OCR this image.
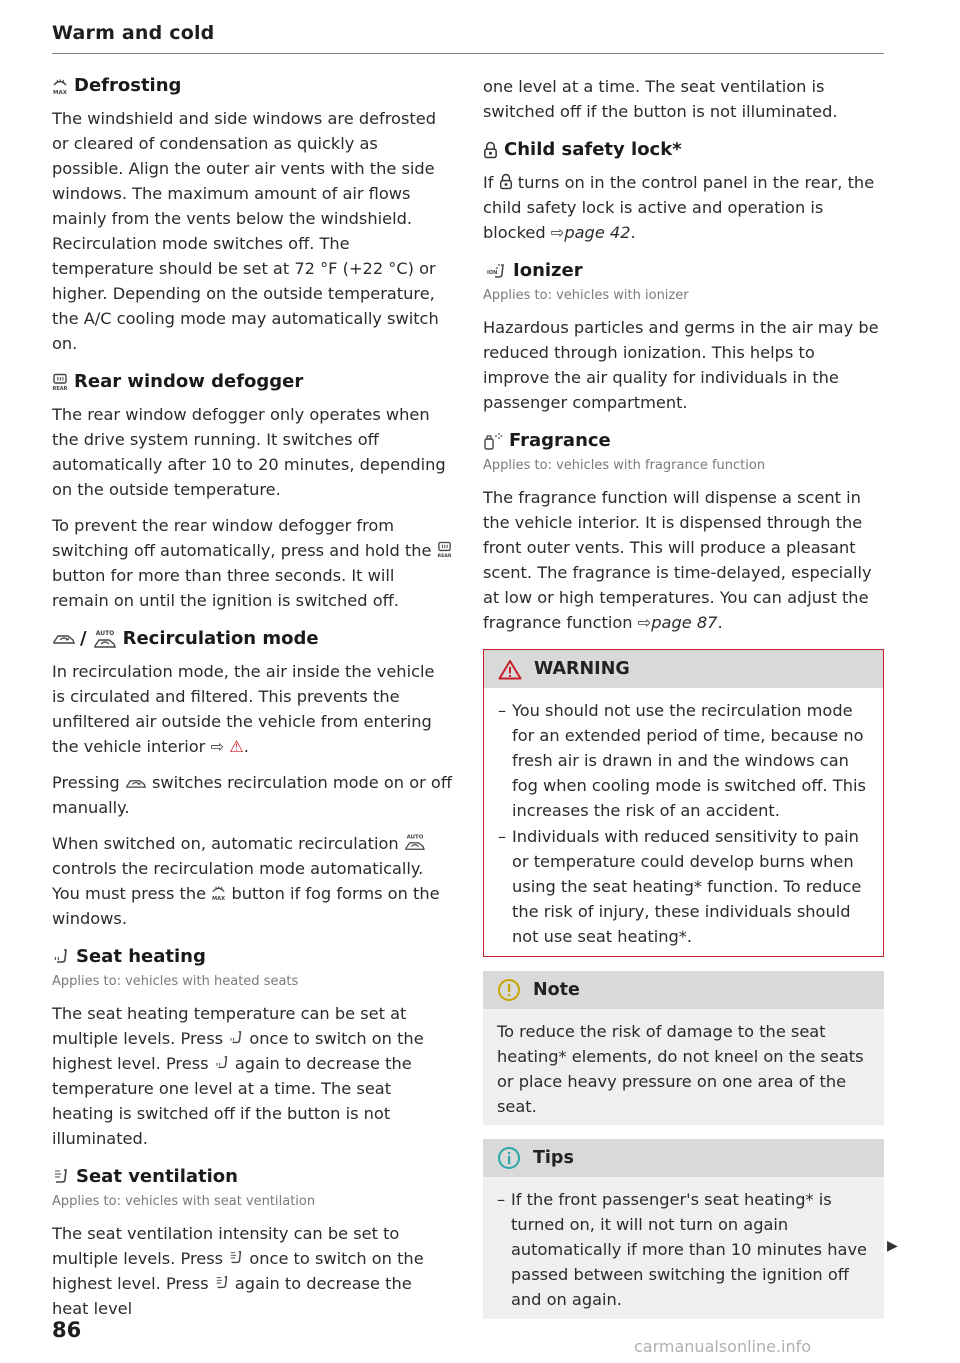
Warm and cold
Defrosting

The windshield and side windows are defrosted or cleared of condensation as quickly as possible. Align the outer air vents with the side windows. The maximum amount of air flows mainly from the vents below the windshield. Recirculation mode switches off. The temperature should be set at 72 °F (+22 °C) or higher. Depending on the outside temperature, the A/C cooling mode may automatically switch on.

Rear window defogger

The rear window defogger only operates when the drive system running. It switches off automatically after 10 to 20 minutes, depending on the outside temperature.

To prevent the rear window defogger from switching off automatically, press and hold the  button for more than three seconds. It will remain on until the ignition is switched off.

/ Recirculation mode

In recirculation mode, the air inside the vehicle is circulated and filtered. This prevents the unfiltered air outside the vehicle from entering the vehicle interior ⇨ ⚠.

Pressing switches recirculation mode on or off manually.

When switched on, automatic recirculation  controls the recirculation mode automatically. You must press the button if fog forms on the windows.

Seat heating
Applies to: vehicles with heated seats

The seat heating temperature can be set at multiple levels. Press once to switch on the highest level. Press again to decrease the temperature one level at a time. The seat heating is switched off if the button is not illuminated.

Seat ventilation
Applies to: vehicles with seat ventilation

The seat ventilation intensity can be set to multiple levels. Press once to switch on the highest level. Press again to decrease the heat level

one level at a time. The seat ventilation is switched off if the button is not illuminated.

Child safety lock*

If turns on in the control panel in the rear, the child safety lock is active and operation is blocked ⇨page 42.

Ionizer
Applies to: vehicles with ionizer

Hazardous particles and germs in the air may be reduced through ionization. This helps to improve the air quality for individuals in the passenger compartment.

Fragrance
Applies to: vehicles with fragrance function

The fragrance function will dispense a scent in the vehicle interior. It is dispensed through the front outer vents. This will produce a pleasant scent. The fragrance is time-delayed, especially at low or high temperatures. You can adjust the fragrance function ⇨page 87.

WARNING
– You should not use the recirculation mode for an extended period of time, because no fresh air is drawn in and the windows can fog when cooling mode is switched off. This increases the risk of an accident.
– Individuals with reduced sensitivity to pain or temperature could develop burns when using the seat heating* function. To reduce the risk of injury, these individuals should not use seat heating*.
Note

To reduce the risk of damage to the seat heating* elements, do not kneel on the seats or place heavy pressure on one area of the seat.

Tips
– If the front passenger's seat heating* is turned on, it will not turn on again automatically if more than 10 minutes have passed between switching the ignition off and on again.
▶
86
carmanualsonline.info
